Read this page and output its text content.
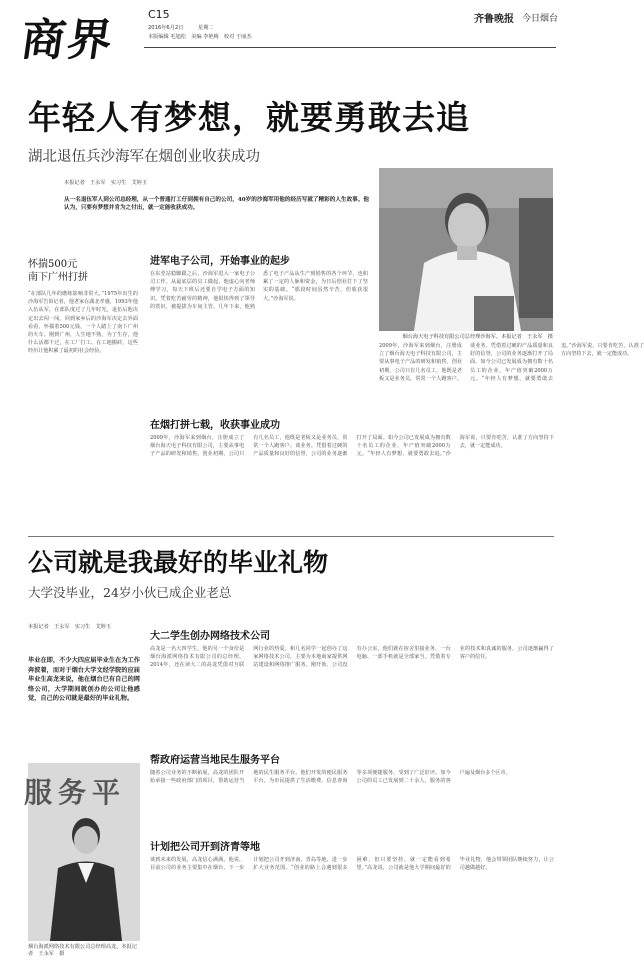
商界
C15
2016年6月2日	星期二
本版编辑 毛旭松　美编 李艳梅　校对 于丽杰
齐鲁晚报 今日烟台
年轻人有梦想，就要勇敢去追
湖北退伍兵沙海军在烟创业收获成功
本报记者　王永军　实习生　艾婷玉
从一名退伍军人到公司总经理，从一个普通打工仔到拥有自己的公司，40岁的沙海军用他的经历写就了精彩的人生故事。他认为，只要有梦想并肯为之付出，就一定能收获成功。
烟台海天电子科技有限公司总经理沙海军。本报记者　王永军　摄
怀揣500元
南下广州打拼
“在部队几年的磨练影响非常大。”1975年出生的沙海军告诉记者，他老家在湖北孝感，1993年他入伍从军，在部队度过了几年时光，退伍后他决定出去闯一闯。回到家乡后的沙海军决定去外面看看，怀揣着500元钱，一个人踏上了南下广州的火车。刚到广州，人生地不熟，为了生存，他什么活都干过，在工厂打工、在工地搬砖，这些经历让他积累了最初的社会经验。
进军电子公司，开始事业的起步
在东莞站稳脚跟之后，沙海军进入一家电子公司工作。从最底层的员工做起，他虚心向老师傅学习，每天下班后还要自学电子方面的知识。凭着吃苦耐劳的精神，他很快得到了领导的赏识，被提拔为车间主管。几年下来，他熟悉了电子产品从生产到销售的各个环节，也积累了一定的人脉和资金，为日后创业打下了坚实的基础。“那段时间虽然辛苦，但收获很大。”沙海军说。
2009年，沙海军来到烟台，注册成立了烟台海天电子科技有限公司，主要从事电子产品的研发和销售。创业初期，公司只有几名员工，他既是老板又是业务员，常常一个人跑客户、谈业务。凭借着过硬的产品质量和良好的信誉，公司的业务逐渐打开了局面。如今公司已发展成为拥有数十名员工的企业，年产值突破2000万元。“年轻人有梦想，就要勇敢去追。”沙海军说，只要肯吃苦，认准了方向坚持下去，就一定能成功。
在烟打拼七载，收获事业成功
2009年，沙海军来到烟台，注册成立了烟台海天电子科技有限公司，主要从事电子产品的研发和销售。创业初期，公司只有几名员工，他既是老板又是业务员，常常一个人跑客户、谈业务。凭借着过硬的产品质量和良好的信誉，公司的业务逐渐打开了局面。如今公司已发展成为拥有数十名员工的企业，年产值突破2000万元。“年轻人有梦想，就要勇敢去追。”沙海军说，只要肯吃苦，认准了方向坚持下去，就一定能成功。
公司就是我最好的毕业礼物
大学没毕业，24岁小伙已成企业老总
本报记者　王永军　实习生　艾婷玉
毕业在即，不少大四应届毕业生在为工作奔波着，而对于烟台大学文经学院的应届毕业生高龙来说，他在烟台已有自己的网络公司，大学期间就创办的公司让他感觉，自己的公司就是最好的毕业礼物。
服务平
烟台海派网络技术有限公司总经理高龙。本报记者　王永军　摄
大二学生创办网络技术公司
高龙是一名大四学生，他的另一个身份是烟台海派网络技术有限公司的总经理。2014年，还在读大二的高龙凭借对互联网行业的热爱，和几名同学一起创办了这家网络技术公司，主要为本地商家提供网站建设和网络推广服务。刚开始，公司没有办公室，他们就在宿舍里接业务，一台电脑、一部手机就是全部家当。凭借着专业的技术和真诚的服务，公司逐渐赢得了客户的信任。
帮政府运营当地民生服务平台
随着公司业务的不断拓展，高龙的团队开始承接一些政府部门的项目，帮助运营当地的民生服务平台。他们开发的便民服务平台，为市民提供了生活缴费、信息查询等多项便捷服务，受到了广泛好评。如今公司的员工已发展到二十余人，服务的客户遍及烟台多个区市。
计划把公司开到济青等地
谈到未来的发展，高龙信心满满。他说，目前公司的业务主要集中在烟台，下一步计划把公司开到济南、青岛等地，进一步扩大业务范围。“创业的路上会遇到很多困难，但只要坚持，就一定能看到希望。”高龙说，公司就是他大学期间最好的毕业礼物，他会带领团队继续努力，让公司越做越好。
